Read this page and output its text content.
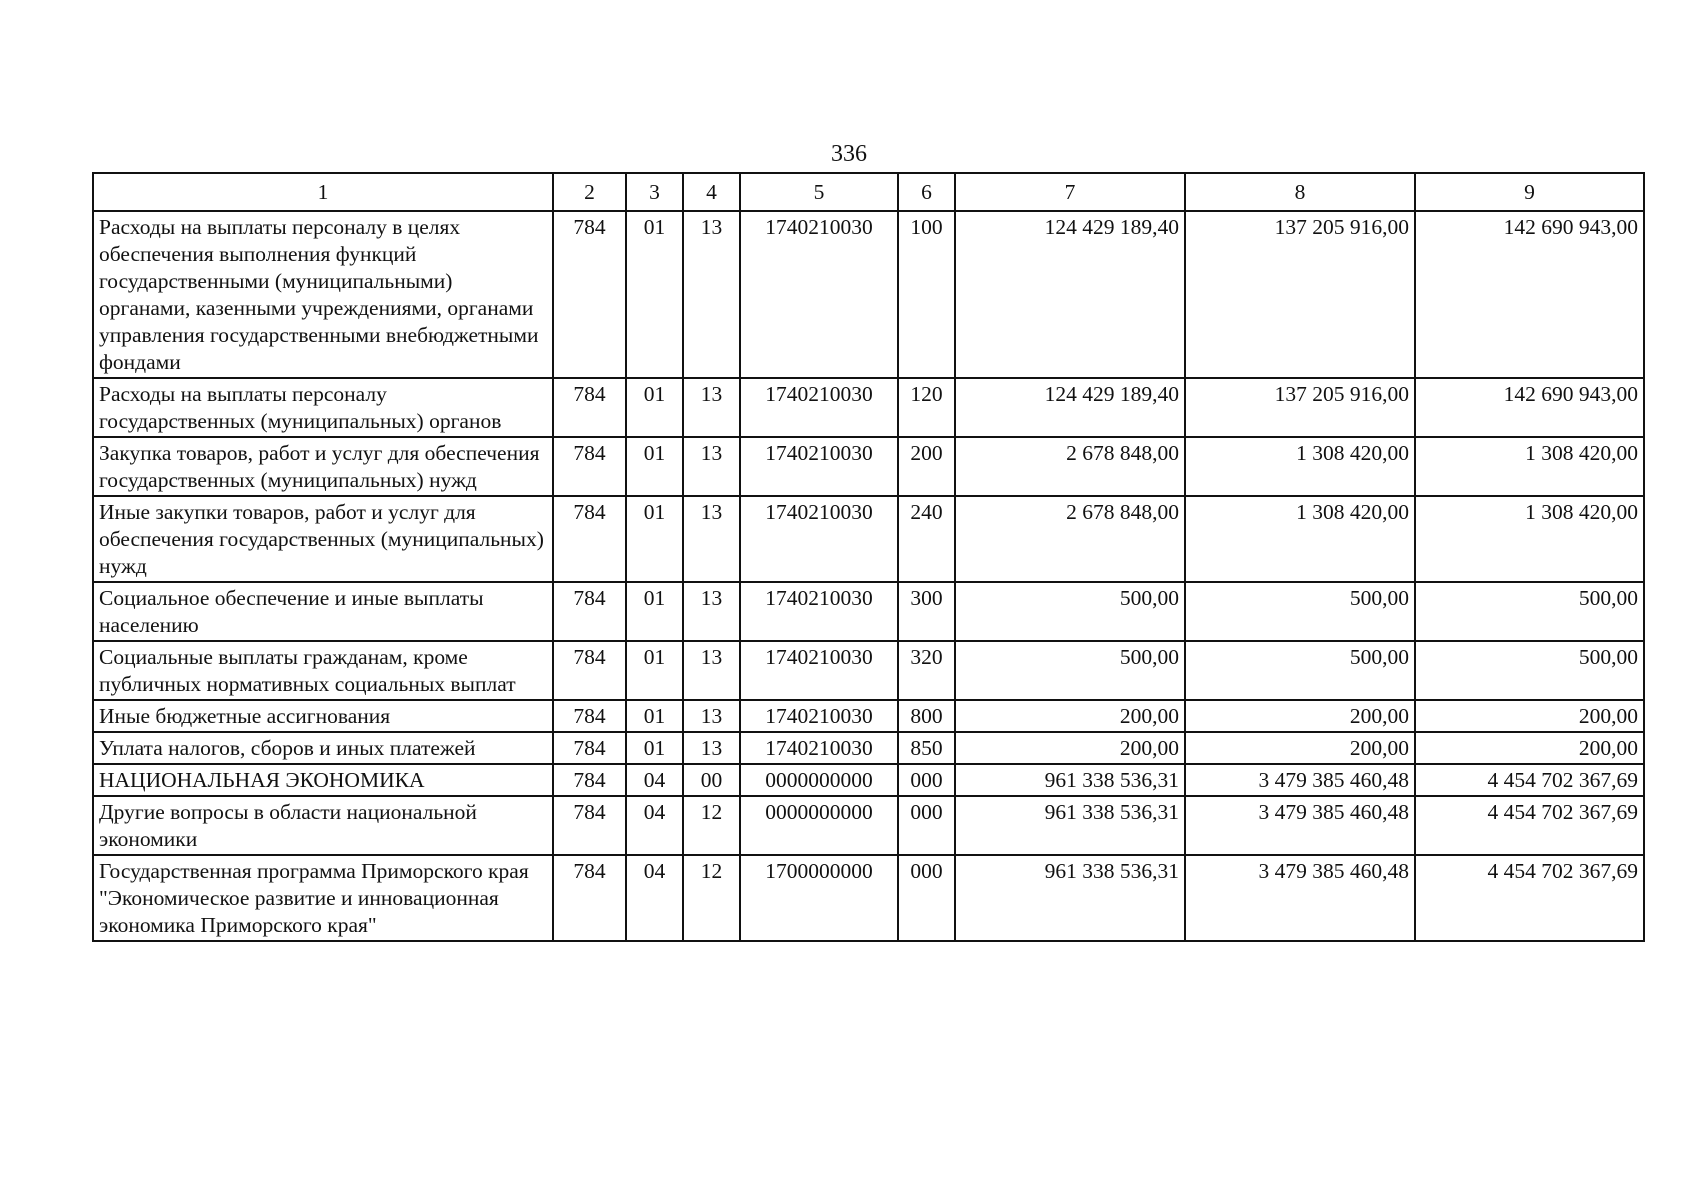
336
1	2	3	4	5	6	7	8	9
Расходы на выплаты персоналу в целях обеспечения выполнения функций государственными (муниципальными) органами, казенными учреждениями, органами управления государственными внебюджетными фондами	784	01	13	1740210030	100	124 429 189,40	137 205 916,00	142 690 943,00
Расходы на выплаты персоналу государственных (муниципальных) органов	784	01	13	1740210030	120	124 429 189,40	137 205 916,00	142 690 943,00
Закупка товаров, работ и услуг для обеспечения государственных (муниципальных) нужд	784	01	13	1740210030	200	2 678 848,00	1 308 420,00	1 308 420,00
Иные закупки товаров, работ и услуг для обеспечения государственных (муниципальных) нужд	784	01	13	1740210030	240	2 678 848,00	1 308 420,00	1 308 420,00
Социальное обеспечение и иные выплаты населению	784	01	13	1740210030	300	500,00	500,00	500,00
Социальные выплаты гражданам, кроме публичных нормативных социальных выплат	784	01	13	1740210030	320	500,00	500,00	500,00
Иные бюджетные ассигнования	784	01	13	1740210030	800	200,00	200,00	200,00
Уплата налогов, сборов и иных платежей	784	01	13	1740210030	850	200,00	200,00	200,00
НАЦИОНАЛЬНАЯ ЭКОНОМИКА	784	04	00	0000000000	000	961 338 536,31	3 479 385 460,48	4 454 702 367,69
Другие вопросы в области национальной экономики	784	04	12	0000000000	000	961 338 536,31	3 479 385 460,48	4 454 702 367,69
Государственная программа Приморского края "Экономическое развитие и инновационная экономика Приморского края"	784	04	12	1700000000	000	961 338 536,31	3 479 385 460,48	4 454 702 367,69
